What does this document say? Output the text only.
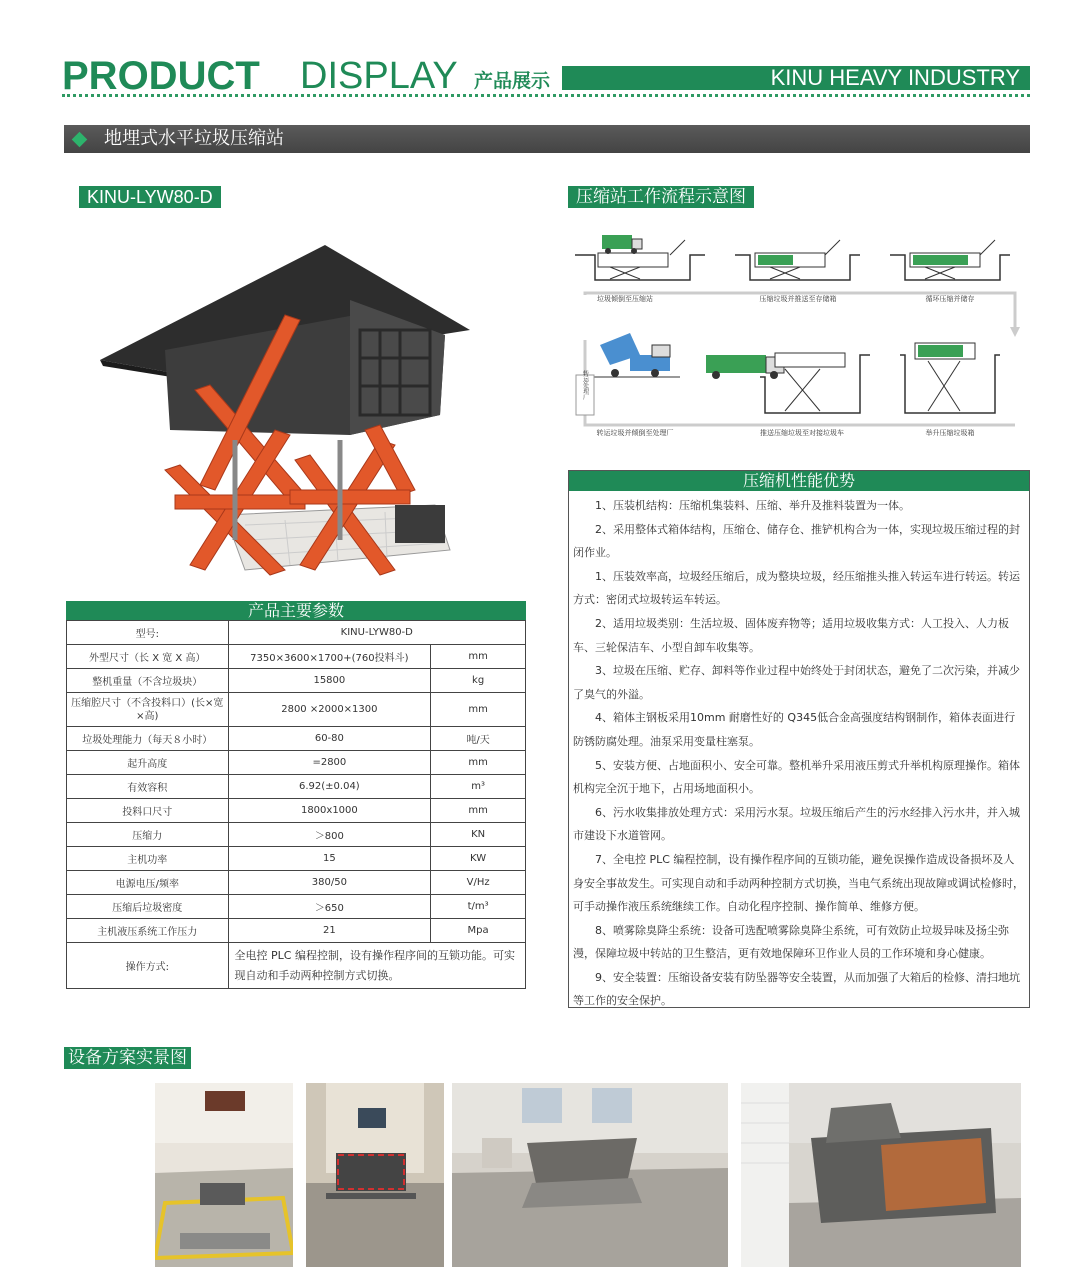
PRODUCT DISPLAY 产品展示	KINU HEAVY INDUSTRY
地埋式水平垃圾压缩站
KINU-LYW80-D	压缩站工作流程示意图
产品主要参数
型号:	KINU-LYW80-D	
外型尺寸（长 X 宽 X 高）	7350×3600×1700+(760投料斗)	mm
整机重量（不含垃圾块）	15800	kg
压缩腔尺寸（不含投料口）(长×宽×高)	2800 ×2000×1300	mm
垃圾处理能力（每天８小时）	60-80	吨/天
起升高度	=2800	mm
有效容积	6.92(±0.04)	m³
投料口尺寸	1800x1000	mm
压缩力	＞800	KN
主机功率	15	KW
电源电压/频率	380/50	V/Hz
压缩后垃圾密度	＞650	t/m³
主机液压系统工作压力	21	Mpa
操作方式:	全电控 PLC 编程控制，设有操作程序间的互锁功能。可实现自动和手动两种控制方式切换。	
垃圾倾倒至压缩站	压缩垃圾并推送至存储箱	循环压缩并储存
转运处理厂
转运垃圾并倾倒至处理厂	推送压缩垃圾至对接垃圾车	举升压缩垃圾箱
压缩机性能优势

1、压装机结构：压缩机集装料、压缩、举升及推料装置为一体。

2、采用整体式箱体结构，压缩仓、储存仓、推铲机构合为一体，实现垃圾压缩过程的封闭作业。

1、压装效率高，垃圾经压缩后，成为整块垃圾，经压缩推头推入转运车进行转运。转运方式：密闭式垃圾转运车转运。

2、适用垃圾类别：生活垃圾、固体废弃物等；适用垃圾收集方式：人工投入、人力板车、三轮保洁车、小型自卸车收集等。

3、垃圾在压缩、贮存、卸料等作业过程中始终处于封闭状态，避免了二次污染，并减少了臭气的外溢。

4、箱体主钢板采用10mm 耐磨性好的 Q345低合金高强度结构钢制作，箱体表面进行防锈防腐处理。油泵采用变量柱塞泵。

5、安装方便、占地面积小、安全可靠。整机举升采用液压剪式升举机构原理操作。箱体机构完全沉于地下，占用场地面积小。

6、污水收集排放处理方式：采用污水泵。垃圾压缩后产生的污水经排入污水井，并入城市建设下水道管网。

7、全电控 PLC 编程控制，设有操作程序间的互锁功能，避免误操作造成设备损坏及人身安全事故发生。可实现自动和手动两种控制方式切换，当电气系统出现故障或调试检修时，可手动操作液压系统继续工作。自动化程序控制、操作简单、维修方便。

8、喷雾除臭降尘系统：设备可选配喷雾除臭降尘系统，可有效防止垃圾异味及扬尘弥漫，保障垃圾中转站的卫生整洁，更有效地保障环卫作业人员的工作环境和身心健康。

9、安全装置：压缩设备安装有防坠器等安全装置，从而加强了大箱后的检修、清扫地坑等工作的安全保护。

设备方案实景图
